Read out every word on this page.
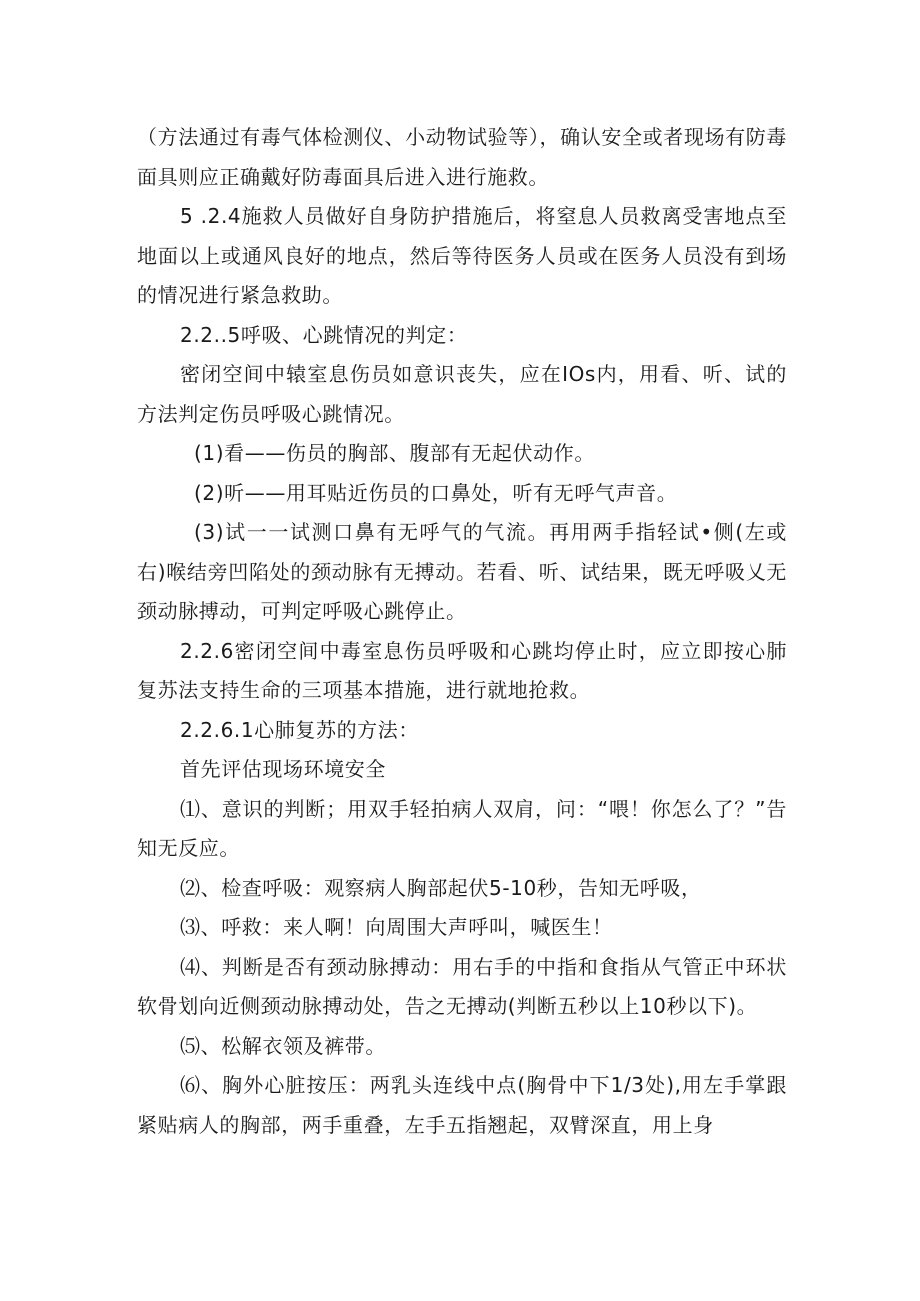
（方法通过有毒气体检测仪、小动物试验等），确认安全或者现场有防毒面具则应正确戴好防毒面具后进入进行施救。

5 .2.4施救人员做好自身防护措施后，将窒息人员救离受害地点至地面以上或通风良好的地点，然后等待医务人员或在医务人员没有到场的情况进行紧急救助。

2.2..5呼吸、心跳情况的判定：

密闭空间中辕室息伤员如意识丧失，应在IOs内，用看、听、试的方法判定伤员呼吸心跳情况。

(1)看——伤员的胸部、腹部有无起伏动作。

(2)听——用耳贴近伤员的口鼻处，听有无呼气声音。

(3)试一一试测口鼻有无呼气的气流。再用两手指轻试•侧(左或右)喉结旁凹陷处的颈动脉有无搏动。若看、听、试结果，既无呼吸乂无颈动脉搏动，可判定呼吸心跳停止。

2.2.6密闭空间中毒室息伤员呼吸和心跳均停止时，应立即按心肺复苏法支持生命的三项基本措施，进行就地抢救。

2.2.6.1心肺复苏的方法：

首先评估现场环境安全

⑴、意识的判断；用双手轻拍病人双肩，问：“喂！你怎么了？”告知无反应。

⑵、检查呼吸：观察病人胸部起伏5-10秒，告知无呼吸，

⑶、呼救：来人啊！向周围大声呼叫，喊医生！

⑷、判断是否有颈动脉搏动：用右手的中指和食指从气管正中环状软骨划向近侧颈动脉搏动处，告之无搏动(判断五秒以上10秒以下)。

⑸、松解衣领及裤带。

⑹、胸外心脏按压：两乳头连线中点(胸骨中下1/3处),用左手掌跟紧贴病人的胸部，两手重叠，左手五指翘起，双臂深直，用上身
